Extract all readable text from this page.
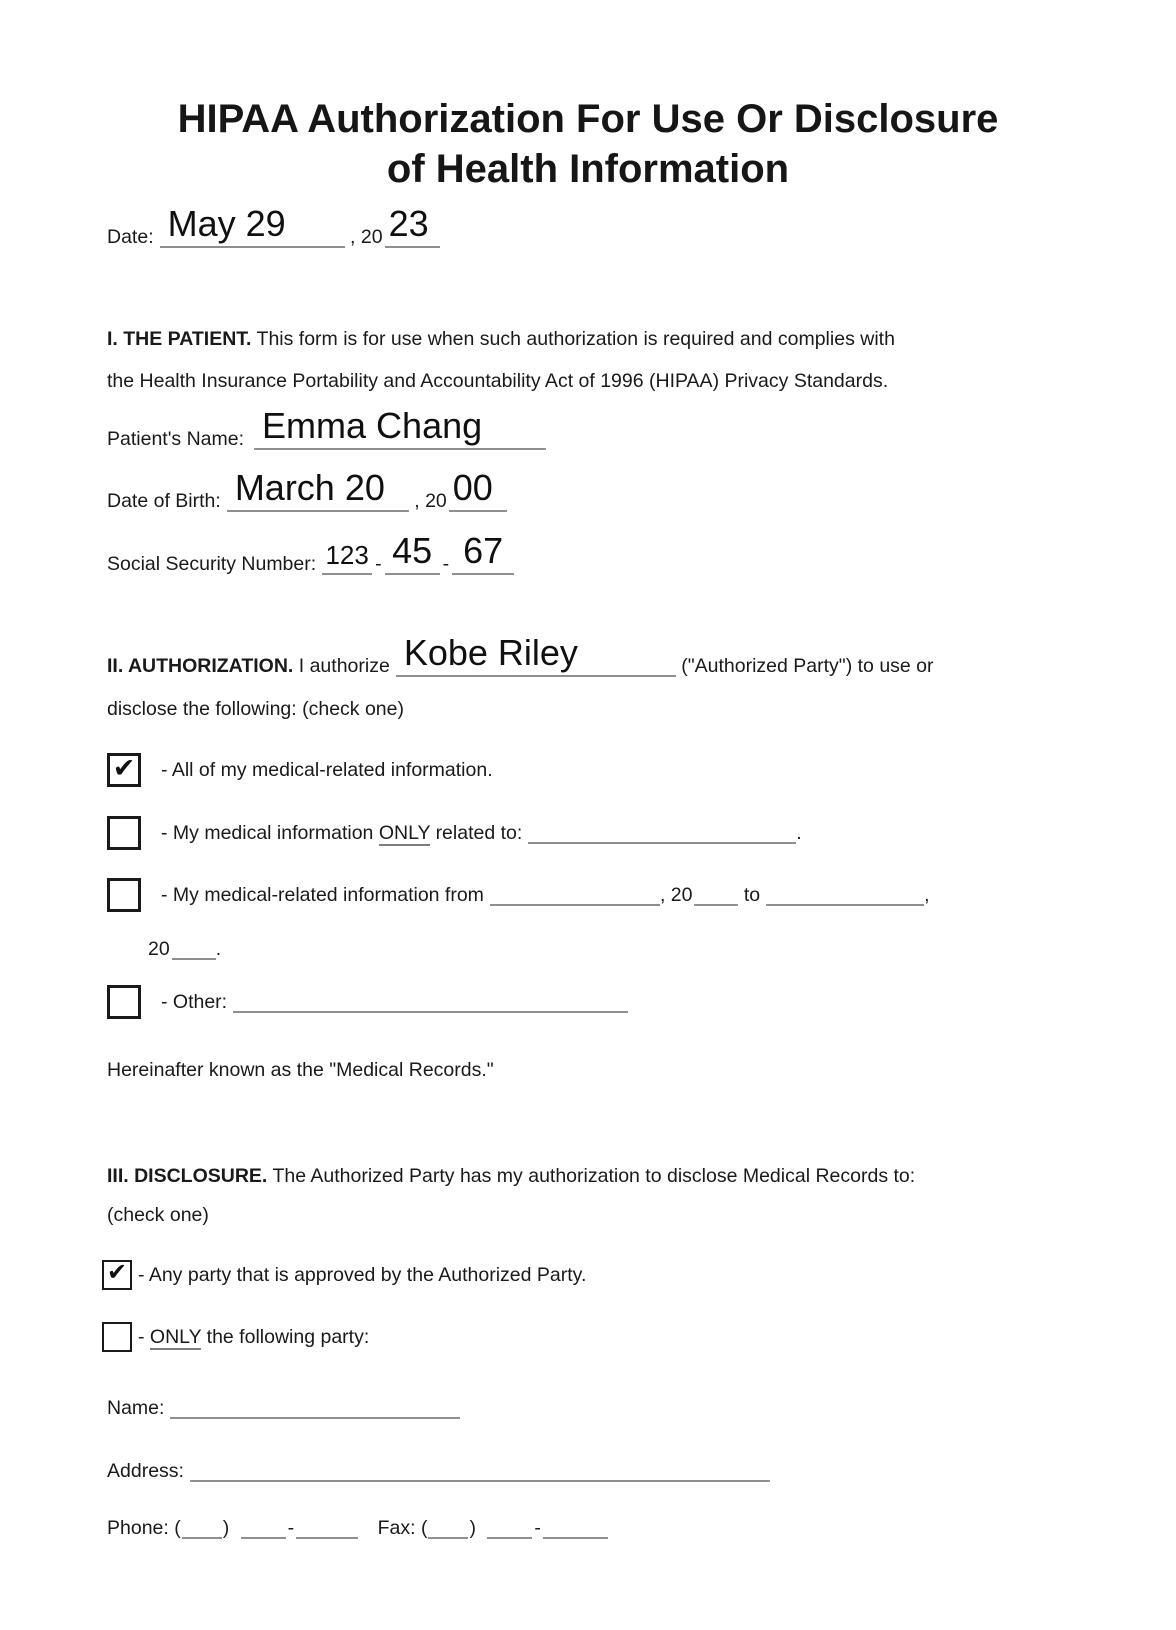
HIPAA Authorization For Use Or Disclosure
of Health Information
Date: May 29	, 20 23
I. THE PATIENT. This form is for use when such authorization is required and complies with
the Health Insurance Portability and Accountability Act of 1996 (HIPAA) Privacy Standards.
Patient's Name: Emma Chang
Date of Birth: March 20 , 20 00
Social Security Number: 123 - 45 - 67
II. AUTHORIZATION. I authorize Kobe Riley	("Authorized Party") to use or
disclose the following: (check one)
✔ - All of my medical-related information.
- My medical information ONLY related to:	.
- My medical-related information from	, 20	to	,
20 .
- Other:
Hereinafter known as the "Medical Records."
III. DISCLOSURE. The Authorized Party has my authorization to disclose Medical Records to:
(check one)
✔ - Any party that is approved by the Authorized Party.
- ONLY the following party:
Name:
Address:
Phone: ( )	-	Fax: ( )	-
